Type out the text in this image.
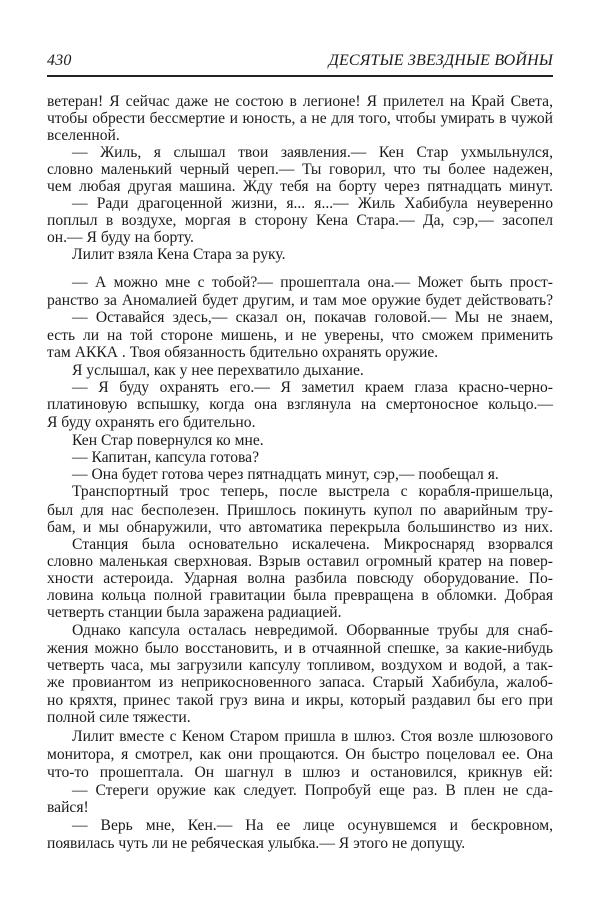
430	ДЕСЯТЫЕ ЗВЕЗДНЫЕ ВОЙНЫ
ветеран! Я сейчас даже не состою в легионе! Я прилетел на Край Света,
чтобы обрести бессмертие и юность, а не для того, чтобы умирать в чужой
вселенной.
— Жиль, я слышал твои заявления.— Кен Стар ухмыльнулся,
словно маленький черный череп.— Ты говорил, что ты более надежен,
чем любая другая машина. Жду тебя на борту через пятнадцать минут.
— Ради драгоценной жизни, я... я...— Жиль Хабибула неуверенно
поплыл в воздухе, моргая в сторону Кена Стара.— Да, сэр,— засопел
он.— Я буду на борту.
Лилит взяла Кена Стара за руку.
— А можно мне с тобой?— прошептала она.— Может быть прост-
ранство за Аномалией будет другим, и там мое оружие будет действовать?
— Оставайся здесь,— сказал он, покачав головой.— Мы не знаем,
есть ли на той стороне мишень, и не уверены, что сможем применить
там АККА . Твоя обязанность бдительно охранять оружие.
Я услышал, как у нее перехватило дыхание.
— Я буду охранять его.— Я заметил краем глаза красно-черно-
платиновую вспышку, когда она взглянула на смертоносное кольцо.—
Я буду охранять его бдительно.
Кен Стар повернулся ко мне.
— Капитан, капсула готова?
— Она будет готова через пятнадцать минут, сэр,— пообещал я.
Транспортный трос теперь, после выстрела с корабля-пришельца,
был для нас бесполезен. Пришлось покинуть купол по аварийным тру-
бам, и мы обнаружили, что автоматика перекрыла большинство из них.
Станция была основательно искалечена. Микроснаряд взорвался
словно маленькая сверхновая. Взрыв оставил огромный кратер на повер-
хности астероида. Ударная волна разбила повсюду оборудование. По-
ловина кольца полной гравитации была превращена в обломки. Добрая
четверть станции была заражена радиацией.
Однако капсула осталась невредимой. Оборванные трубы для снаб-
жения можно было восстановить, и в отчаянной спешке, за какие-нибудь
четверть часа, мы загрузили капсулу топливом, воздухом и водой, а так-
же провиантом из неприкосновенного запаса. Старый Хабибула, жалоб-
но кряхтя, принес такой груз вина и икры, который раздавил бы его при
полной силе тяжести.
Лилит вместе с Кеном Старом пришла в шлюз. Стоя возле шлюзового
монитора, я смотрел, как они прощаются. Он быстро поцеловал ее. Она
что-то прошептала. Он шагнул в шлюз и остановился, крикнув ей:
— Стереги оружие как следует. Попробуй еще раз. В плен не сда-
вайся!
— Верь мне, Кен.— На ее лице осунувшемся и бескровном,
появилась чуть ли не ребяческая улыбка.— Я этого не допущу.
